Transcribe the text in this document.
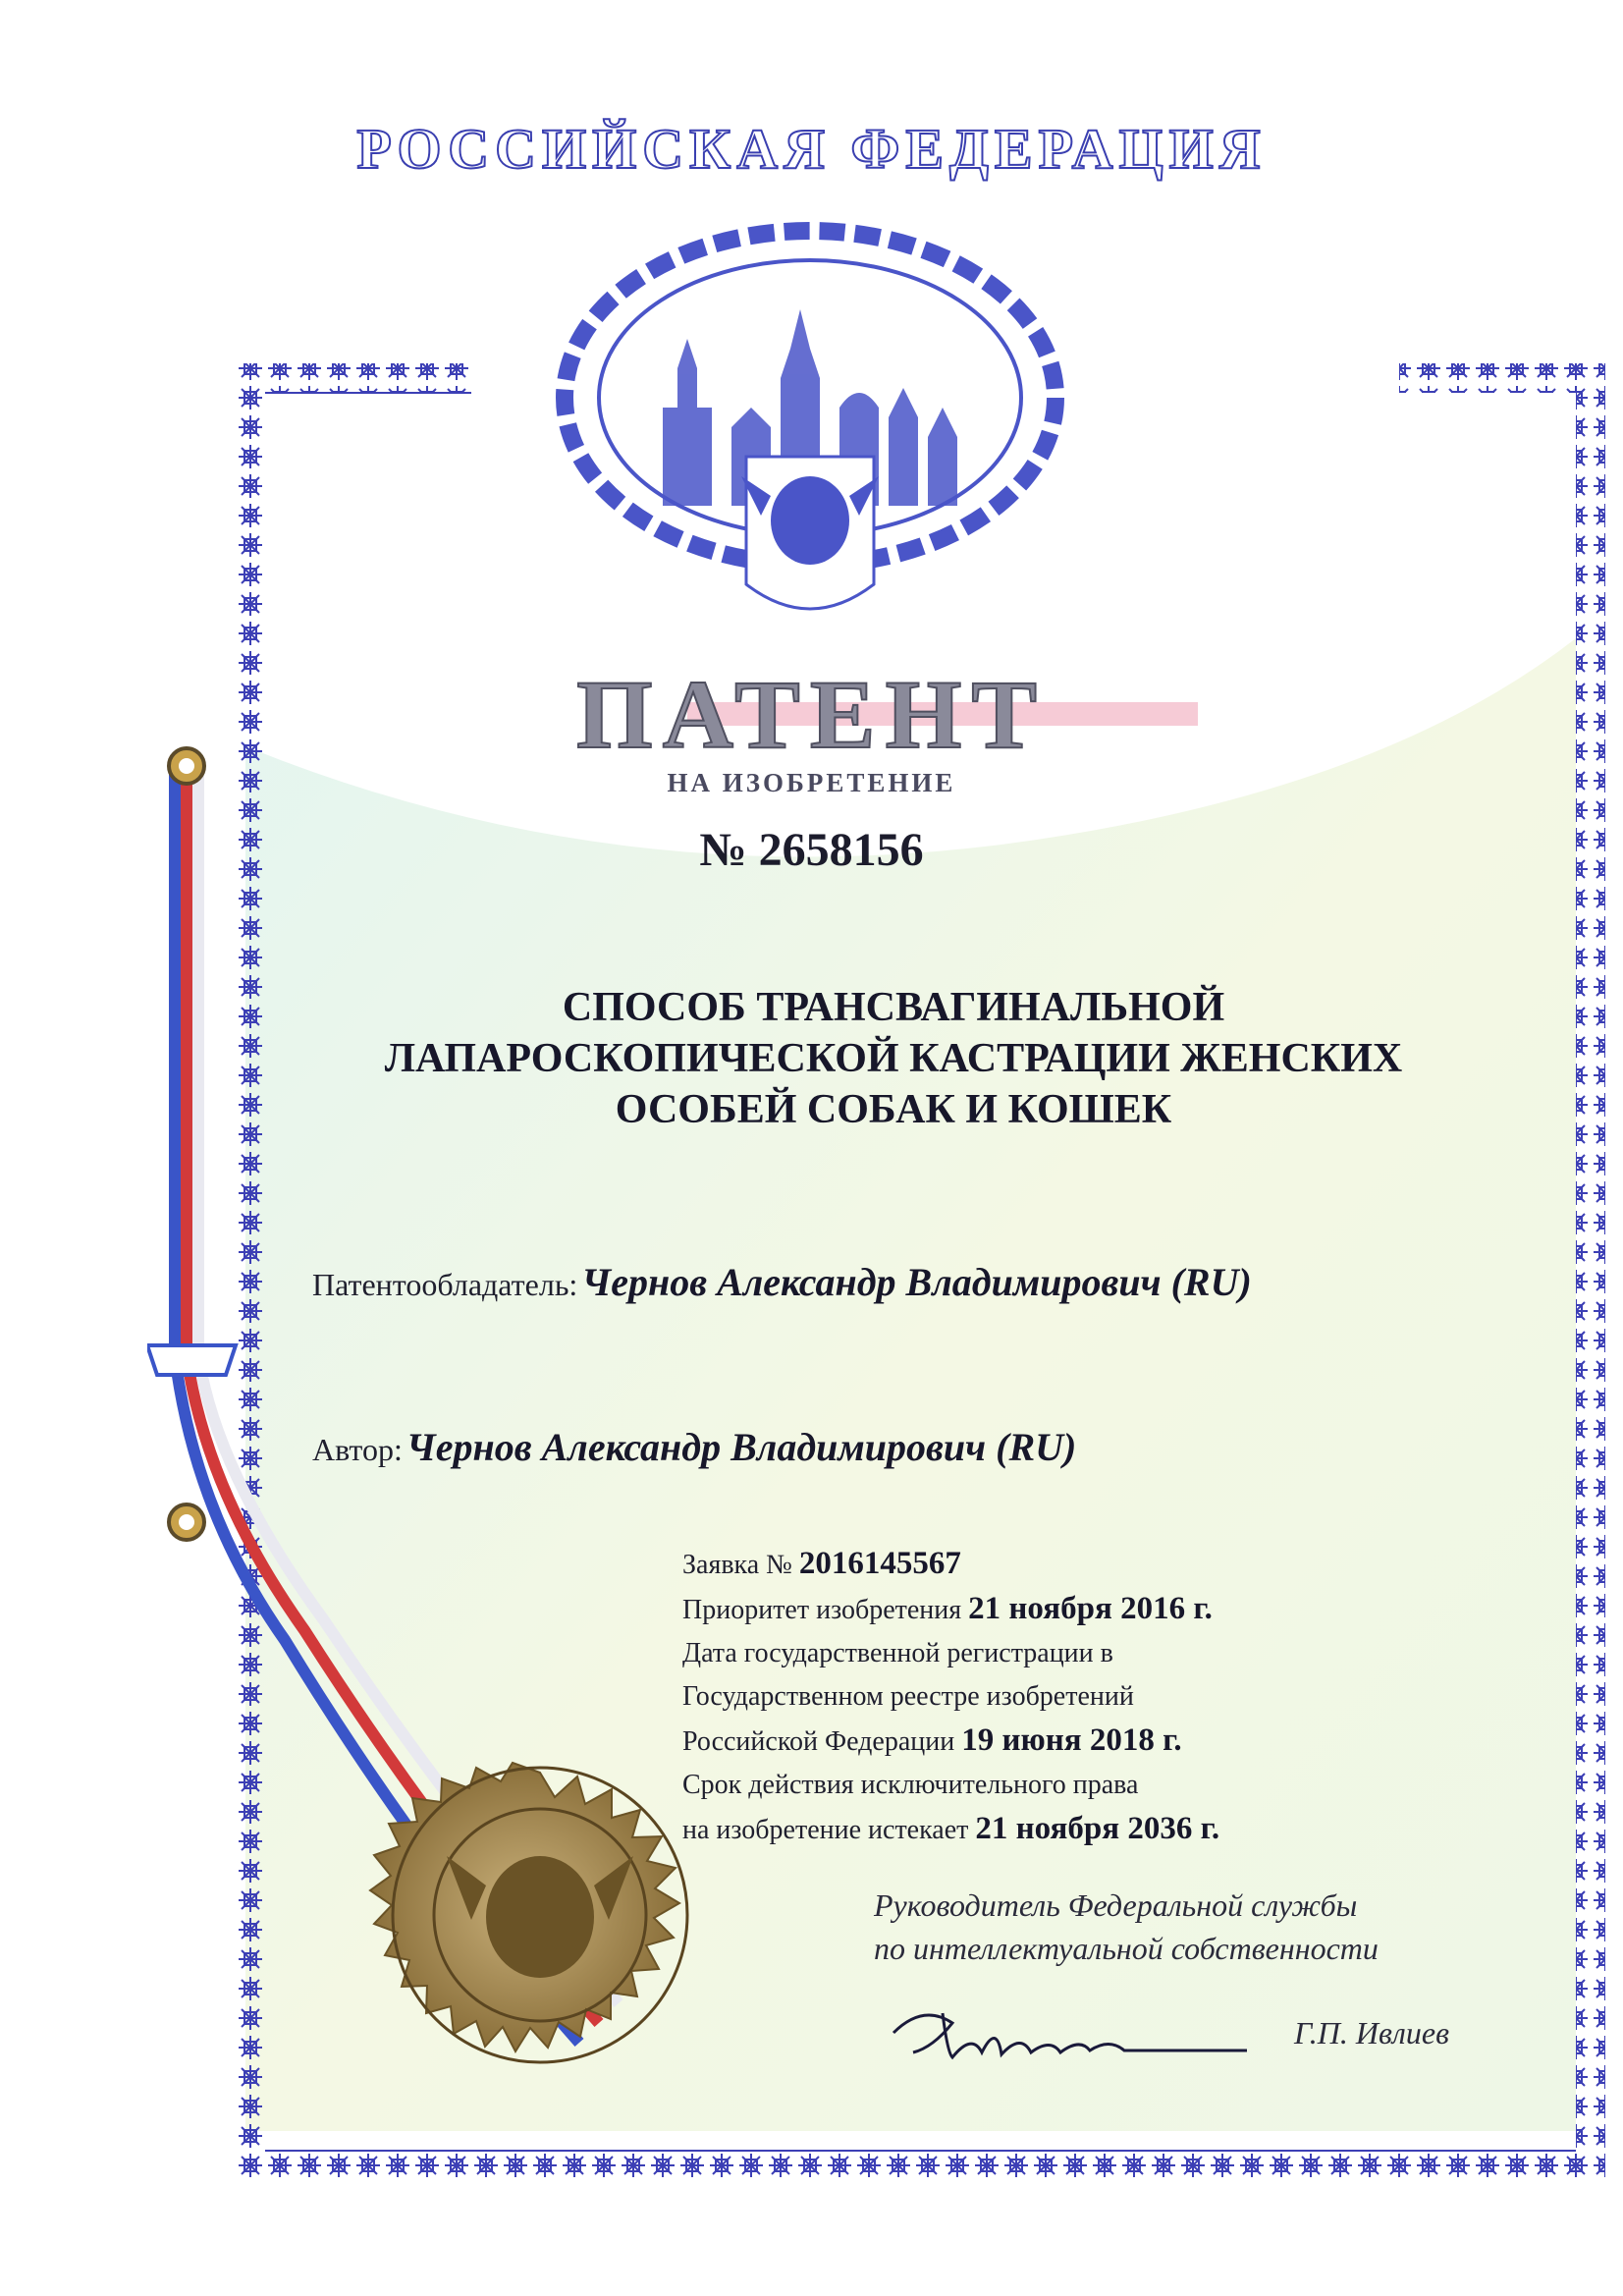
РОССИЙСКАЯ ФЕДЕРАЦИЯ
ПАТЕНТ
НА ИЗОБРЕТЕНИЕ
№ 2658156
СПОСОБ ТРАНСВАГИНАЛЬНОЙ
ЛАПАРОСКОПИЧЕСКОЙ КАСТРАЦИИ ЖЕНСКИХ
ОСОБЕЙ СОБАК И КОШЕК
Патентообладатель: Чернов Александр Владимирович (RU)
Автор: Чернов Александр Владимирович (RU)
Заявка № 2016145567
Приоритет изобретения 21 ноября 2016 г.
Дата государственной регистрации в
Государственном реестре изобретений
Российской Федерации 19 июня 2018 г.
Срок действия исключительного права
на изобретение истекает 21 ноября 2036 г.
Руководитель Федеральной службы
по интеллектуальной собственности
Г.П. Ивлиев
